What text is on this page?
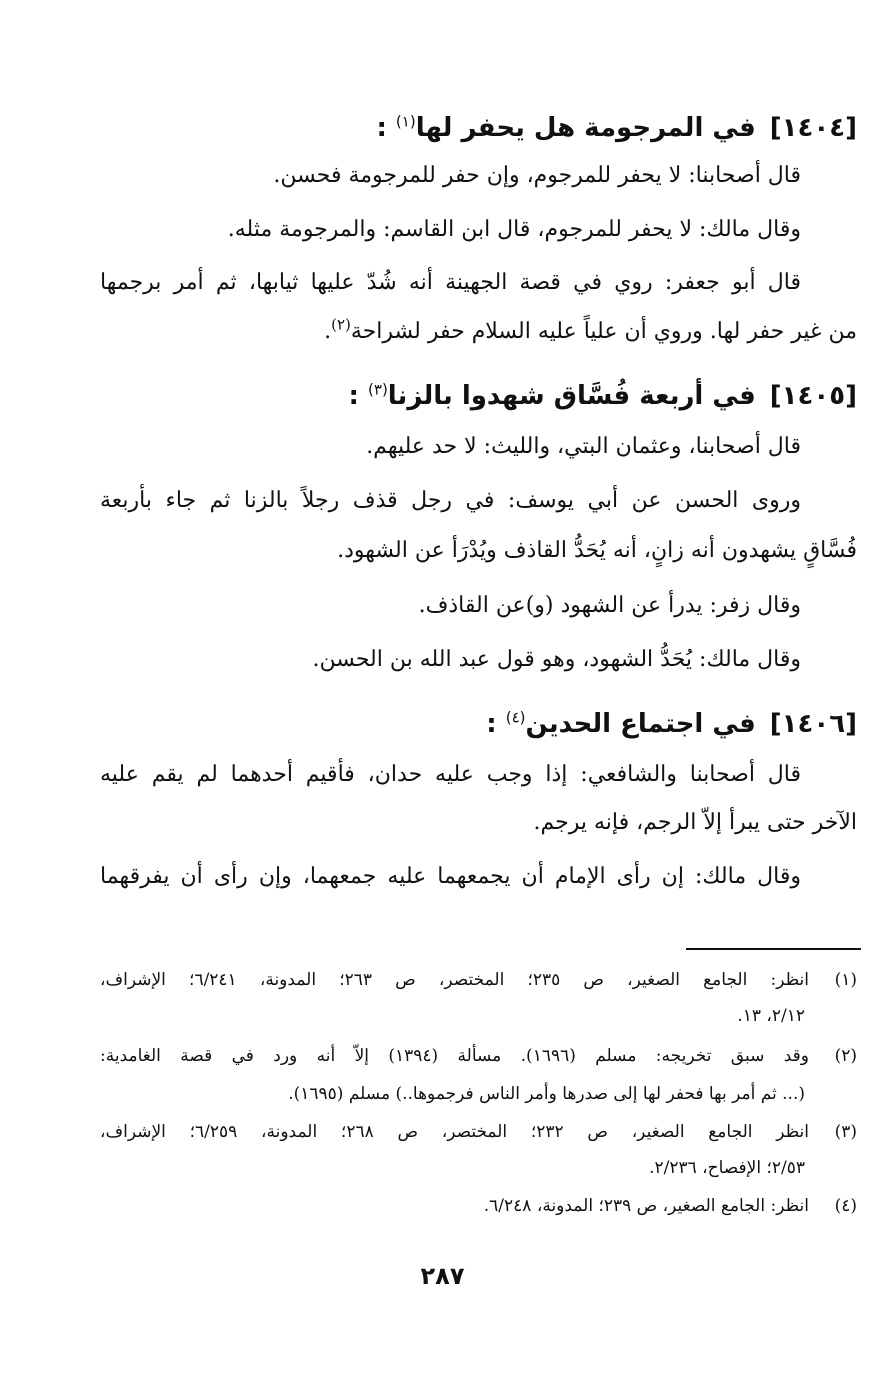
[١٤٠٤]في المرجومة هل يحفر لها$^{(١)}$ :
قال أصحابنا: لا يحفر للمرجوم، وإن حفر للمرجومة فحسن.
وقال مالك: لا يحفر للمرجوم، قال ابن القاسم: والمرجومة مثله.
قال أبو جعفر: روي في قصة الجهينة أنه شُدّ عليها ثيابها، ثم أمر برجمها
من غير حفر لها. وروي أن علياً عليه السلام حفر لشراحة$^{(٢)}$.
[١٤٠٥]في أربعة فُسَّاق شهدوا بالزنا$^{(٣)}$ :
قال أصحابنا، وعثمان البتي، والليث: لا حد عليهم.
وروى الحسن عن أبي يوسف: في رجل قذف رجلاً بالزنا ثم جاء بأربعة
فُسَّاقٍ يشهدون أنه زانٍ، أنه يُحَدُّ القاذف ويُدْرَأ عن الشهود.
وقال زفر: يدرأ عن الشهود (و)عن القاذف.
وقال مالك: يُحَدُّ الشهود، وهو قول عبد الله بن الحسن.
[١٤٠٦]في اجتماع الحدين$^{(٤)}$ :
قال أصحابنا والشافعي: إذا وجب عليه حدان، فأقيم أحدهما لم يقم عليه
الآخر حتى يبرأ إلاّ الرجم، فإنه يرجم.
وقال مالك: إن رأى الإمام أن يجمعهما عليه جمعهما، وإن رأى أن يفرقهما
(١)انظر: الجامع الصغير، ص ٢٣٥؛ المختصر، ص ٢٦٣؛ المدونة، ٦/٢٤١؛ الإشراف،
٢/١٢، ١٣.
(٢)وقد سبق تخريجه: مسلم (١٦٩٦). مسألة (١٣٩٤) إلاّ أنه ورد في قصة الغامدية:
(... ثم أمر بها فحفر لها إلى صدرها وأمر الناس فرجموها..) مسلم (١٦٩٥).
(٣)انظر الجامع الصغير، ص ٢٣٢؛ المختصر، ص ٢٦٨؛ المدونة، ٦/٢٥٩؛ الإشراف،
٢/٥٣؛ الإفصاح، ٢/٢٣٦.
(٤)انظر: الجامع الصغير، ص ٢٣٩؛ المدونة، ٦/٢٤٨.
٢٨٧
